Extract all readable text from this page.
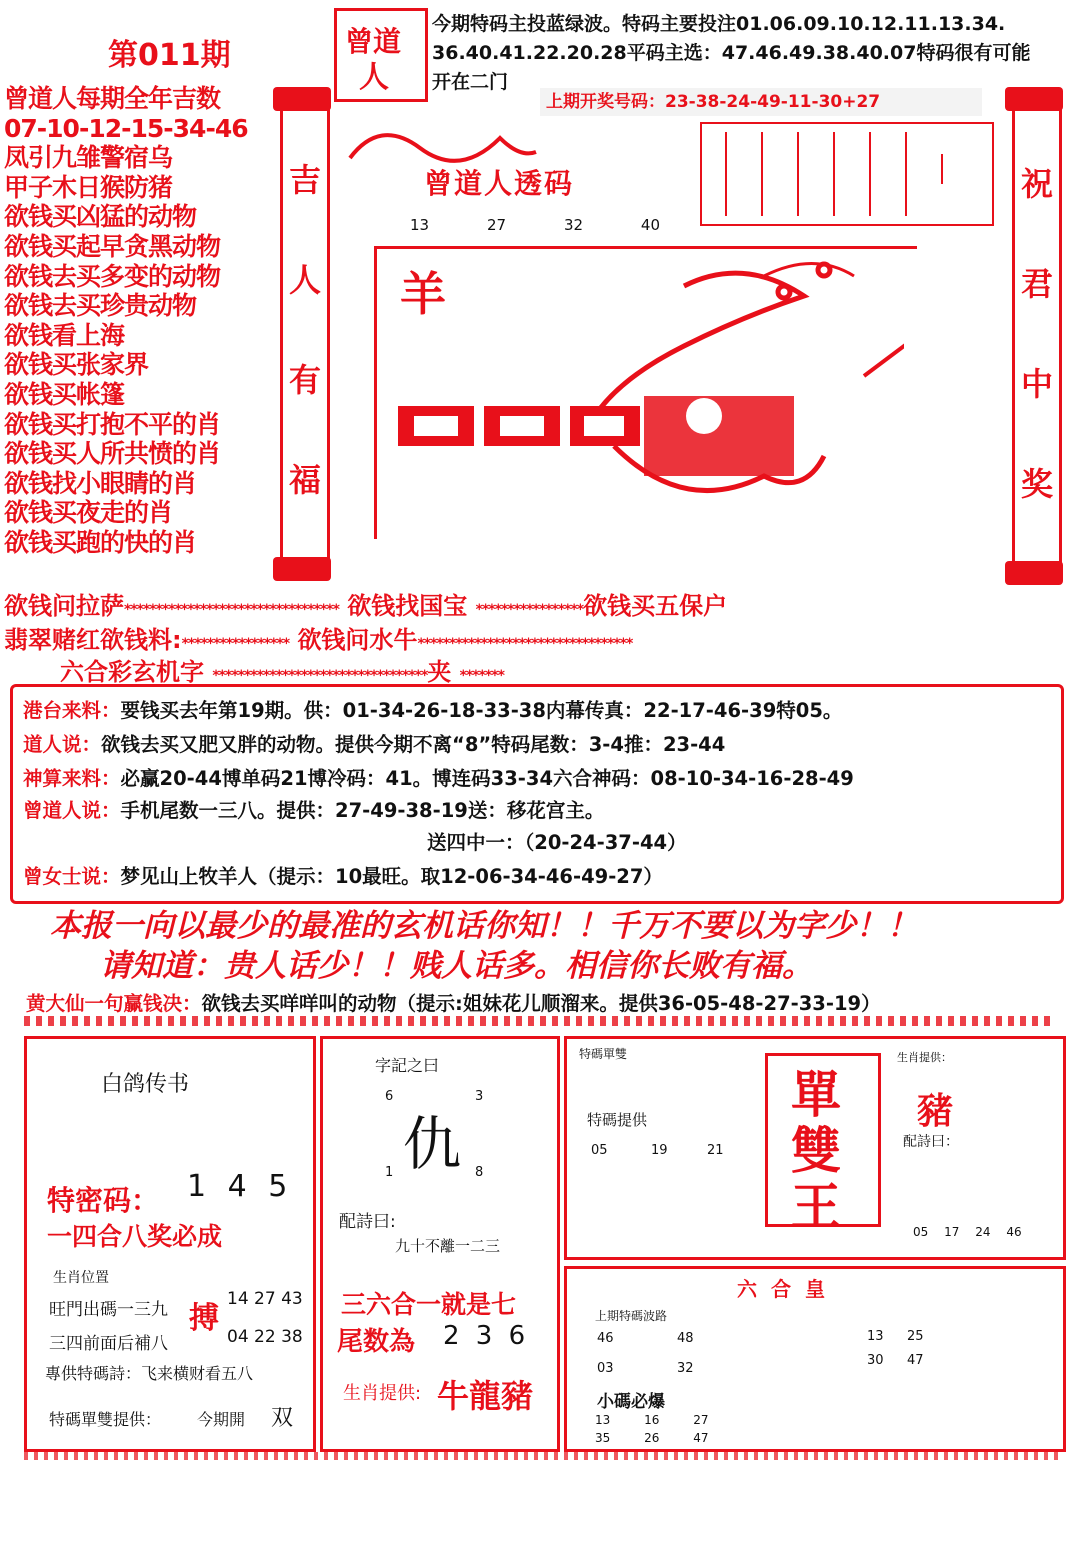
第011期
曾道人每期全年吉数
07-10-12-15-34-46
凤引九雏警宿乌
甲子木日猴防猪
欲钱买凶猛的动物
欲钱买起早贪黑动物
欲钱去买多变的动物
欲钱去买珍贵动物
欲钱看上海
欲钱买张家界
欲钱买帐篷
欲钱买打抱不平的肖
欲钱买人所共愤的肖
欲钱找小眼睛的肖
欲钱买夜走的肖
欲钱买跑的快的肖
曾道
人
今期特码主投蓝绿波。特码主要投注01.06.09.10.12.11.13.34.
36.40.41.22.20.28平码主选：47.46.49.38.40.07特码很有可能
开在二门
上期开奖号码：23-38-24-49-11-30+27
吉
人
有
福
祝
君
中
奖
曾道人透码
13	27	32	40
羊
欲钱问拉萨********************************** 欲钱找国宝 *****************欲钱买五保户
翡翠赌红欲钱料:***************** 欲钱问水牛**********************************
六合彩玄机字 **********************************夹 *******
港台来料：要钱买去年第19期。供：01-34-26-18-33-38内幕传真：22-17-46-39特05。
道人说：欲钱去买又肥又胖的动物。提供今期不离“8”特码尾数：3-4推：23-44
神算来料：必赢20-44博单码21博冷码：41。博连码33-34六合神码：08-10-34-16-28-49
曾道人说：手机尾数一三八。提供：27-49-38-19送：移花宫主。
送四中一：（20-24-37-44）
曾女士说：梦见山上牧羊人（提示：10最旺。取12-06-34-46-49-27）
本报一向以最少的最准的玄机话你知！！千万不要以为字少！！
请知道：贵人话少！！贱人话多。相信你长败有福。
黄大仙一句赢钱决：欲钱去买咩咩叫的动物（提示:姐妹花儿顺溜来。提供36-05-48-27-33-19）
白鸽传书
特密码： 1 4 5
一四合八奖必成
生肖位置
搏
旺門出碼一三九
三四前面后補八
14 27 43
04 22 38
專供特碼詩：飞来横财看五八
特碼單雙提供： 今期開 双
字記之曰
6	3
仇
1	8
配詩曰:
九十不離一二三
三六合一就是七
尾数為 2 3 6
生肖提供: 牛龍豬
特碼單雙
單
雙
王
特碼提供
05	19	21
生肖提供：
豬
配詩曰：
05 17 24 46
六合皇
上期特碼波路
46	48
03	32
13 25
30 47
小碼必爆
13	16	27
35	26	47
